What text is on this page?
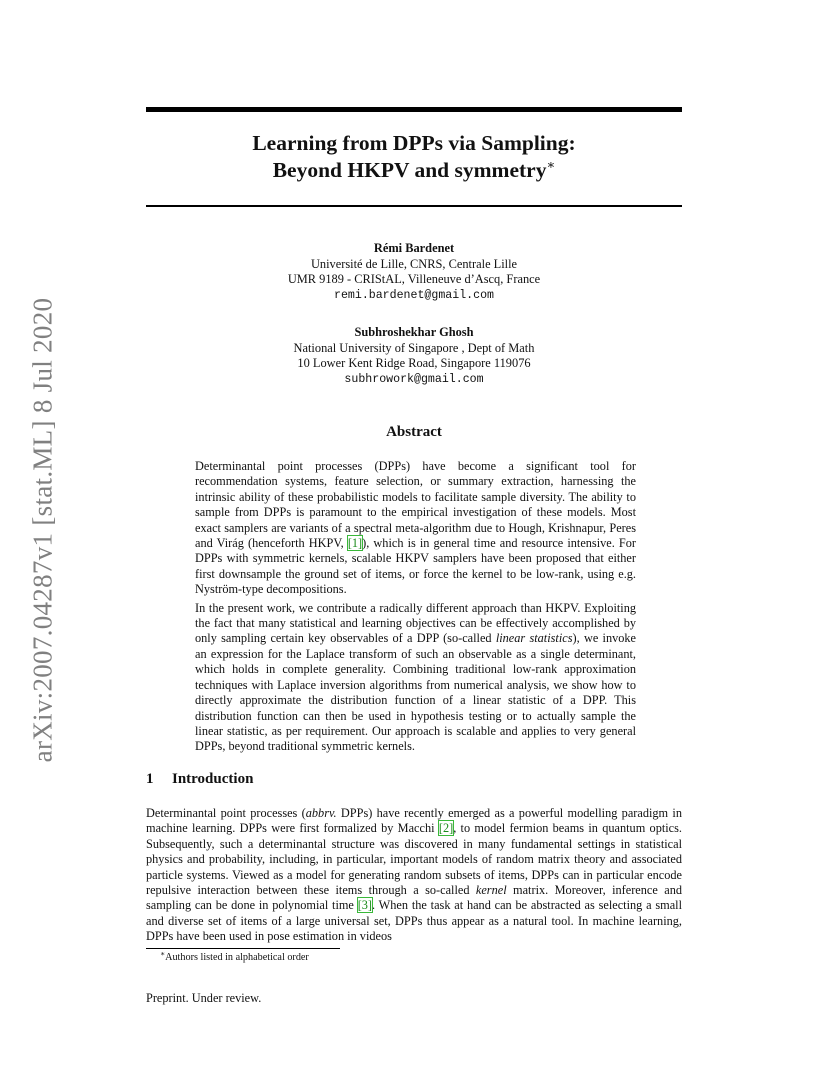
arXiv:2007.04287v1 [stat.ML] 8 Jul 2020
Learning from DPPs via Sampling:
Beyond HKPV and symmetry∗
Rémi Bardenet
Université de Lille, CNRS, Centrale Lille
UMR 9189 - CRIStAL, Villeneuve d’Ascq, France
remi.bardenet@gmail.com
Subhroshekhar Ghosh
National University of Singapore , Dept of Math
10 Lower Kent Ridge Road, Singapore 119076
subhrowork@gmail.com
Abstract

Determinantal point processes (DPPs) have become a significant tool for recommendation systems, feature selection, or summary extraction, harnessing the intrinsic ability of these probabilistic models to facilitate sample diversity. The ability to sample from DPPs is paramount to the empirical investigation of these models. Most exact samplers are variants of a spectral meta-algorithm due to Hough, Krishnapur, Peres and Virág (henceforth HKPV, [1]), which is in general time and resource intensive. For DPPs with symmetric kernels, scalable HKPV samplers have been proposed that either first downsample the ground set of items, or force the kernel to be low-rank, using e.g. Nyström-type decompositions.

In the present work, we contribute a radically different approach than HKPV. Exploiting the fact that many statistical and learning objectives can be effectively accomplished by only sampling certain key observables of a DPP (so-called linear statistics), we invoke an expression for the Laplace transform of such an observable as a single determinant, which holds in complete generality. Combining traditional low-rank approximation techniques with Laplace inversion algorithms from numerical analysis, we show how to directly approximate the distribution function of a linear statistic of a DPP. This distribution function can then be used in hypothesis testing or to actually sample the linear statistic, as per requirement. Our approach is scalable and applies to very general DPPs, beyond traditional symmetric kernels.

1 Introduction

Determinantal point processes (abbrv. DPPs) have recently emerged as a powerful modelling paradigm in machine learning. DPPs were first formalized by Macchi [2], to model fermion beams in quantum optics. Subsequently, such a determinantal structure was discovered in many fundamental settings in statistical physics and probability, including, in particular, important models of random matrix theory and associated particle systems. Viewed as a model for generating random subsets of items, DPPs can in particular encode repulsive interaction between these items through a so-called kernel matrix. Moreover, inference and sampling can be done in polynomial time [3]. When the task at hand can be abstracted as selecting a small and diverse set of items of a large universal set, DPPs thus appear as a natural tool. In machine learning, DPPs have been used in pose estimation in videos

∗Authors listed in alphabetical order
Preprint. Under review.
